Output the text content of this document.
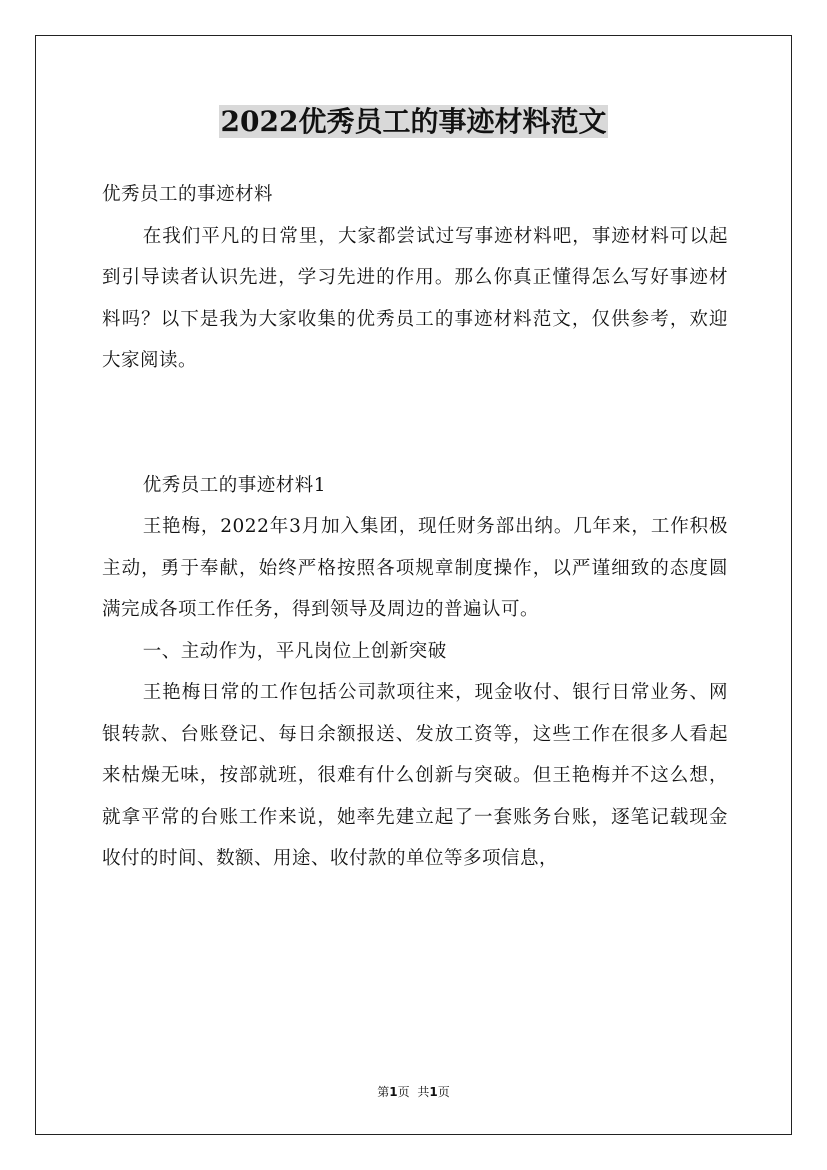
2022优秀员工的事迹材料范文

优秀员工的事迹材料

在我们平凡的日常里，大家都尝试过写事迹材料吧，事迹材料可以起到引导读者认识先进，学习先进的作用。那么你真正懂得怎么写好事迹材料吗？以下是我为大家收集的优秀员工的事迹材料范文，仅供参考，欢迎大家阅读。

优秀员工的事迹材料1

王艳梅，2022年3月加入集团，现任财务部出纳。几年来，工作积极主动，勇于奉献，始终严格按照各项规章制度操作，以严谨细致的态度圆满完成各项工作任务，得到领导及周边的普遍认可。

一、主动作为，平凡岗位上创新突破

王艳梅日常的工作包括公司款项往来，现金收付、银行日常业务、网银转款、台账登记、每日余额报送、发放工资等，这些工作在很多人看起来枯燥无味，按部就班，很难有什么创新与突破。但王艳梅并不这么想，就拿平常的台账工作来说，她率先建立起了一套账务台账，逐笔记载现金收付的时间、数额、用途、收付款的单位等多项信息，

第1页 共1页
